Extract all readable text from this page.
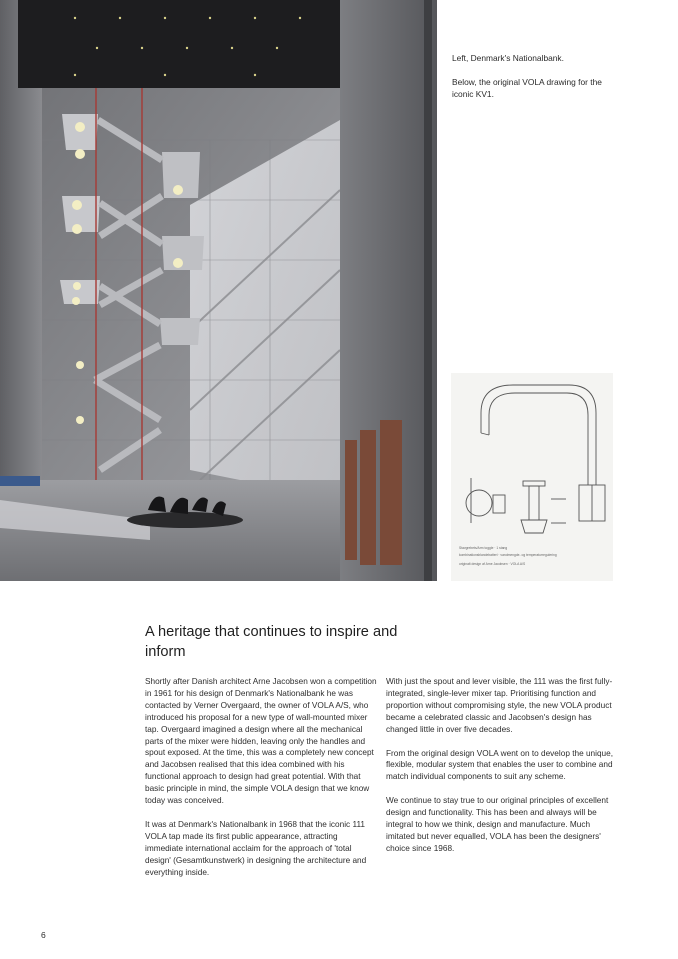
Left, Denmark's Nationalbank.

Below, the original VOLA drawing for the iconic KV1.

Stavgrebets/Arm toggle · 1 stang
kombinationsblandebatteri · vandmengde- og temperaturregulering
originalt design af Arne Jacobsen · VOLA A/S
A heritage that continues to inspire and inform

Shortly after Danish architect Arne Jacobsen won a competition in 1961 for his design of Denmark's Nationalbank he was contacted by Verner Overgaard, the owner of VOLA A/S, who introduced his proposal for a new type of wall-mounted mixer tap. Overgaard imagined a design where all the mechanical parts of the mixer were hidden, leaving only the handles and spout exposed. At the time, this was a completely new concept and Jacobsen realised that this idea combined with his functional approach to design had great potential. With that basic principle in mind, the simple VOLA design that we know today was conceived.

It was at Denmark's Nationalbank in 1968 that the iconic 111 VOLA tap made its first public appearance, attracting immediate international acclaim for the approach of 'total design' (Gesamtkunstwerk) in designing the architecture and everything inside.

With just the spout and lever visible, the 111 was the first fully-integrated, single-lever mixer tap. Prioritising function and proportion without compromising style, the new VOLA product became a celebrated classic and Jacobsen's design has changed little in over five decades.

From the original design VOLA went on to develop the unique, flexible, modular system that enables the user to combine and match individual components to suit any scheme.

We continue to stay true to our original principles of excellent design and functionality. This has been and always will be integral to how we think, design and manufacture. Much imitated but never equalled, VOLA has been the designers' choice since 1968.

6
